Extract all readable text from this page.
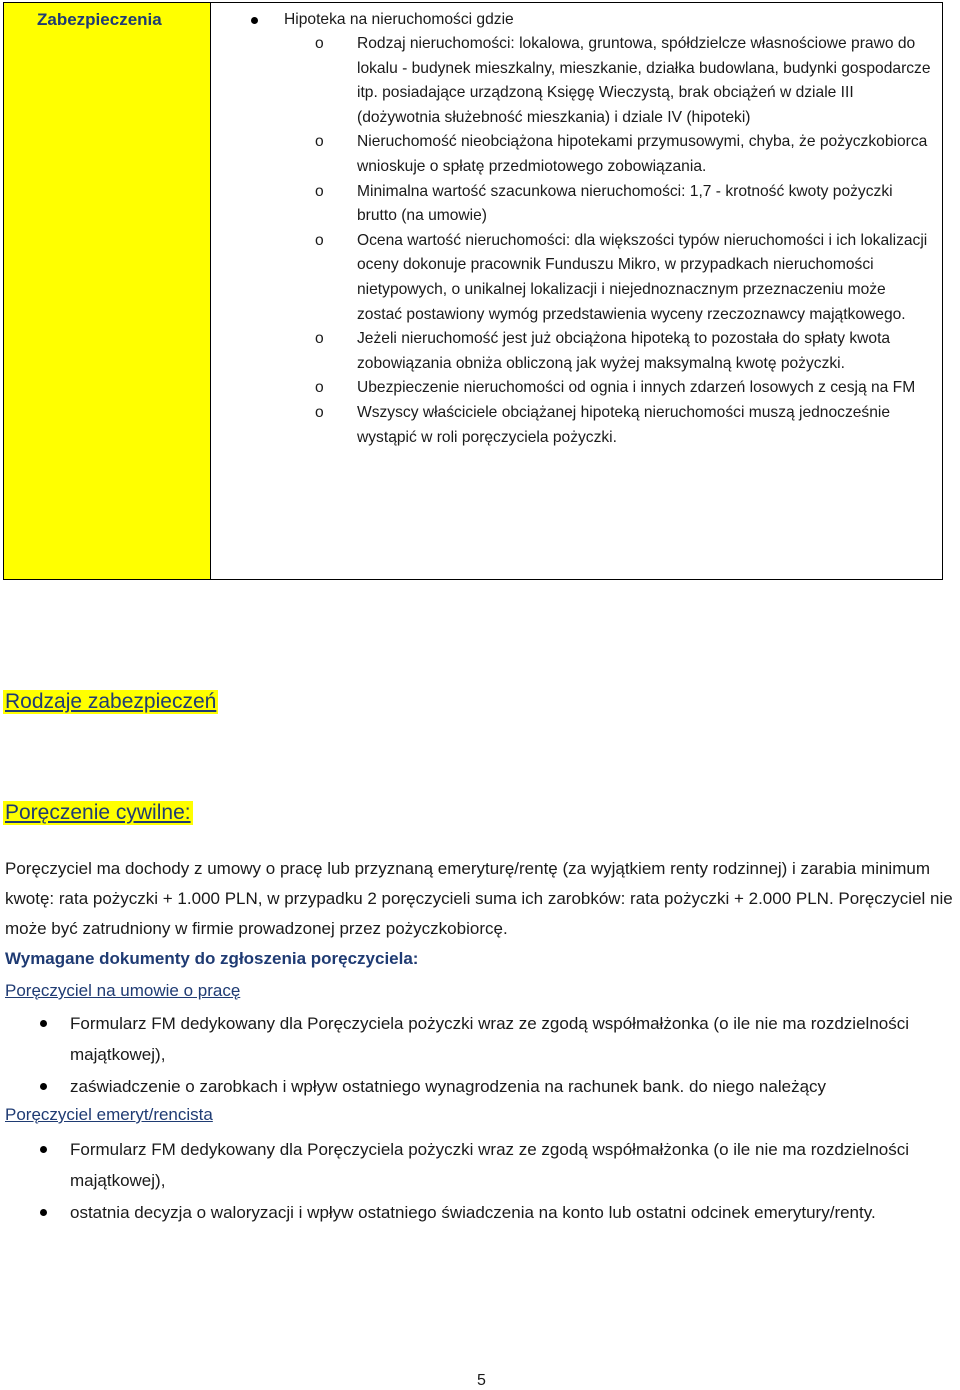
Zabezpieczenia	Hipoteka na nieruchomości gdzie
o Rodzaj nieruchomości: lokalowa, gruntowa, spółdzielcze własnościowe prawo do lokalu - budynek mieszkalny, mieszkanie, działka budowlana, budynki gospodarcze itp. posiadające urządzoną Księgę Wieczystą, brak obciążeń w dziale III (dożywotnia służebność mieszkania) i dziale IV (hipoteki)
o Nieruchomość nieobciążona hipotekami przymusowymi, chyba, że pożyczkobiorca wnioskuje o spłatę przedmiotowego zobowiązania.
o Minimalna wartość szacunkowa nieruchomości: 1,7 - krotność kwoty pożyczki brutto (na umowie)
o Ocena wartość nieruchomości: dla większości typów nieruchomości i ich lokalizacji oceny dokonuje pracownik Funduszu Mikro, w przypadkach nieruchomości nietypowych, o unikalnej lokalizacji i niejednoznacznym przeznaczeniu może zostać postawiony wymóg przedstawienia wyceny rzeczoznawcy majątkowego.
o Jeżeli nieruchomość jest już obciążona hipoteką to pozostała do spłaty kwota zobowiązania obniża obliczoną jak wyżej maksymalną kwotę pożyczki.
o Ubezpieczenie nieruchomości od ognia i innych zdarzeń losowych z cesją na FM
o Wszyscy właściciele obciążanej hipoteką nieruchomości muszą jednocześnie wystąpić w roli poręczyciela pożyczki.
Rodzaje zabezpieczeń
Poręczenie cywilne:
Poręczyciel ma dochody z umowy o pracę lub przyznaną emeryturę/rentę (za wyjątkiem renty rodzinnej) i zarabia minimum kwotę: rata pożyczki + 1.000 PLN, w przypadku 2 poręczycieli suma ich zarobków: rata pożyczki + 2.000 PLN. Poręczyciel nie może być zatrudniony w firmie prowadzonej przez pożyczkobiorcę.
Wymagane dokumenty do zgłoszenia poręczyciela:
Poręczyciel na umowie o pracę
Formularz FM dedykowany dla Poręczyciela pożyczki wraz ze zgodą współmałżonka (o ile nie ma rozdzielności majątkowej),
zaświadczenie o zarobkach i wpływ ostatniego wynagrodzenia na rachunek bank. do niego należący
Poręczyciel emeryt/rencista
Formularz FM dedykowany dla Poręczyciela pożyczki wraz ze zgodą współmałżonka (o ile nie ma rozdzielności majątkowej),
ostatnia decyzja o waloryzacji i wpływ ostatniego świadczenia na konto lub ostatni odcinek emerytury/renty.
5
